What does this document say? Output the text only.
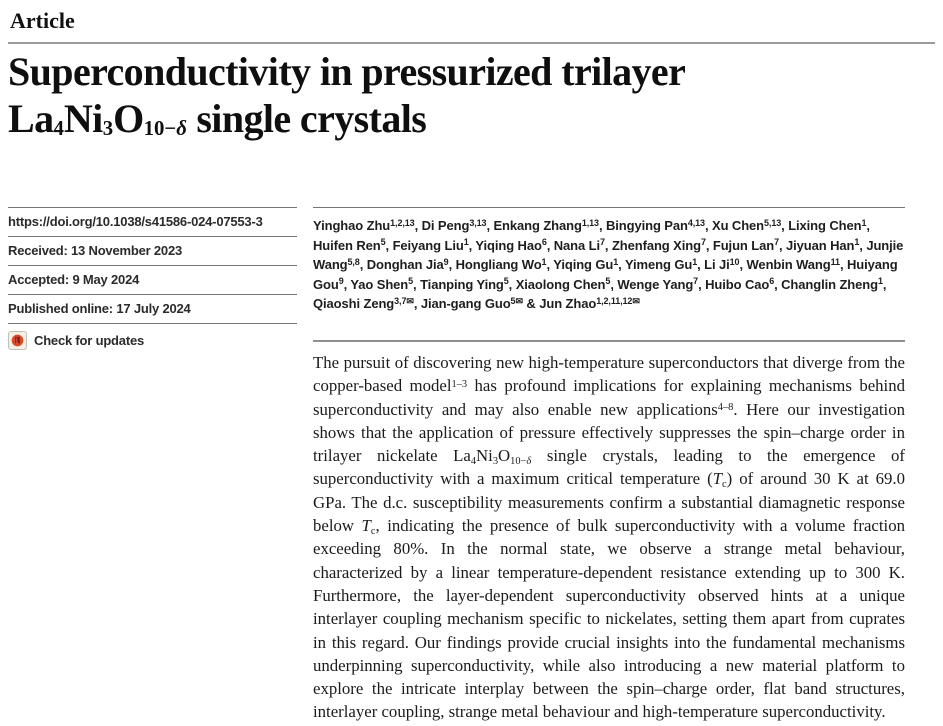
Article
Superconductivity in pressurized trilayer
$La_4Ni_3O_{10-\delta}$ single crystals
https://doi.org/10.1038/s41586-024-07553-3
Received: 13 November 2023
Accepted: 9 May 2024
Published online: 17 July 2024
Check for updates

Yinghao Zhu$^{1,2,13}$, Di Peng$^{3,13}$, Enkang Zhang$^{1,13}$, Bingying Pan$^{4,13}$, Xu Chen$^{5,13}$, Lixing Chen$^1$, Huifen Ren$^5$, Feiyang Liu$^1$, Yiqing Hao$^6$, Nana Li$^7$, Zhenfang Xing$^7$, Fujun Lan$^7$, Jiyuan Han$^1$, Junjie Wang$^{5,8}$, Donghan Jia$^9$, Hongliang Wo$^1$, Yiqing Gu$^1$, Yimeng Gu$^1$, Li Ji$^{10}$, Wenbin Wang$^{11}$, Huiyang Gou$^9$, Yao Shen$^5$, Tianping Ying$^5$, Xiaolong Chen$^5$, Wenge Yang$^7$, Huibo Cao$^6$, Changlin Zheng$^1$, Qiaoshi Zeng$^{3,7✉}$, Jian-gang Guo$^{5✉}$ & Jun Zhao$^{1,2,11,12✉}$

The pursuit of discovering new high-temperature superconductors that diverge from the copper-based model$^{1-3}$ has profound implications for explaining mechanisms behind superconductivity and may also enable new applications$^{4-8}$. Here our investigation shows that the application of pressure effectively suppresses the spin–charge order in trilayer nickelate $La_4Ni_3O_{10-\delta}$ single crystals, leading to the emergence of superconductivity with a maximum critical temperature $(T_c)$ of around 30 K at 69.0 GPa. The d.c. susceptibility measurements confirm a substantial diamagnetic response below $T_c$, indicating the presence of bulk superconductivity with a volume fraction exceeding 80%. In the normal state, we observe a strange metal behaviour, characterized by a linear temperature-dependent resistance extending up to 300 K. Furthermore, the layer-dependent superconductivity observed hints at a unique interlayer coupling mechanism specific to nickelates, setting them apart from cuprates in this regard. Our findings provide crucial insights into the fundamental mechanisms underpinning superconductivity, while also introducing a new material platform to explore the intricate interplay between the spin–charge order, flat band structures, interlayer coupling, strange metal behaviour and high-temperature superconductivity.
